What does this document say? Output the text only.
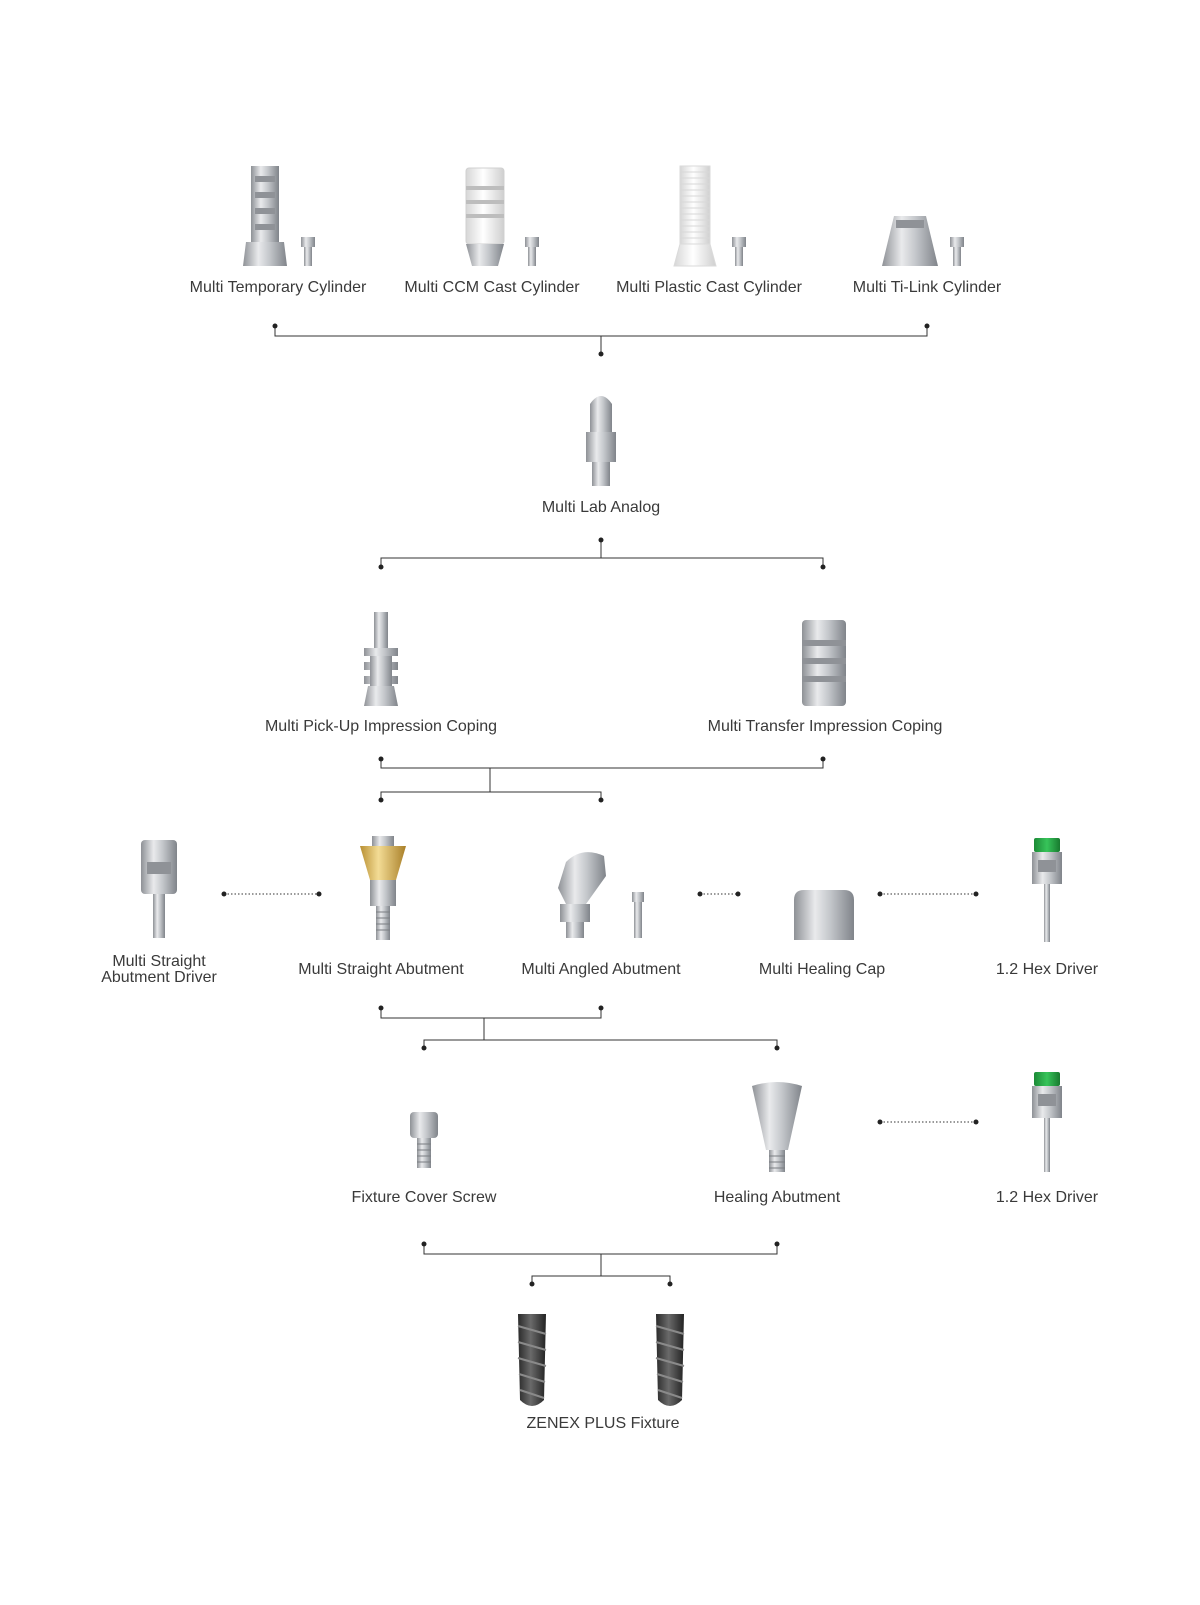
Multi Temporary Cylinder Multi CCM Cast Cylinder Multi Plastic Cast Cylinder	Multi Ti-Link Cylinder
Multi Lab Analog
Multi Pick-Up Impression Coping	Multi Transfer Impression Coping
Multi Straight Abutment Driver	Multi Straight Abutment	Multi Angled Abutment	Multi Healing Cap	1.2 Hex Driver
Fixture Cover Screw	Healing Abutment	1.2 Hex Driver
ZENEX PLUS Fixture
